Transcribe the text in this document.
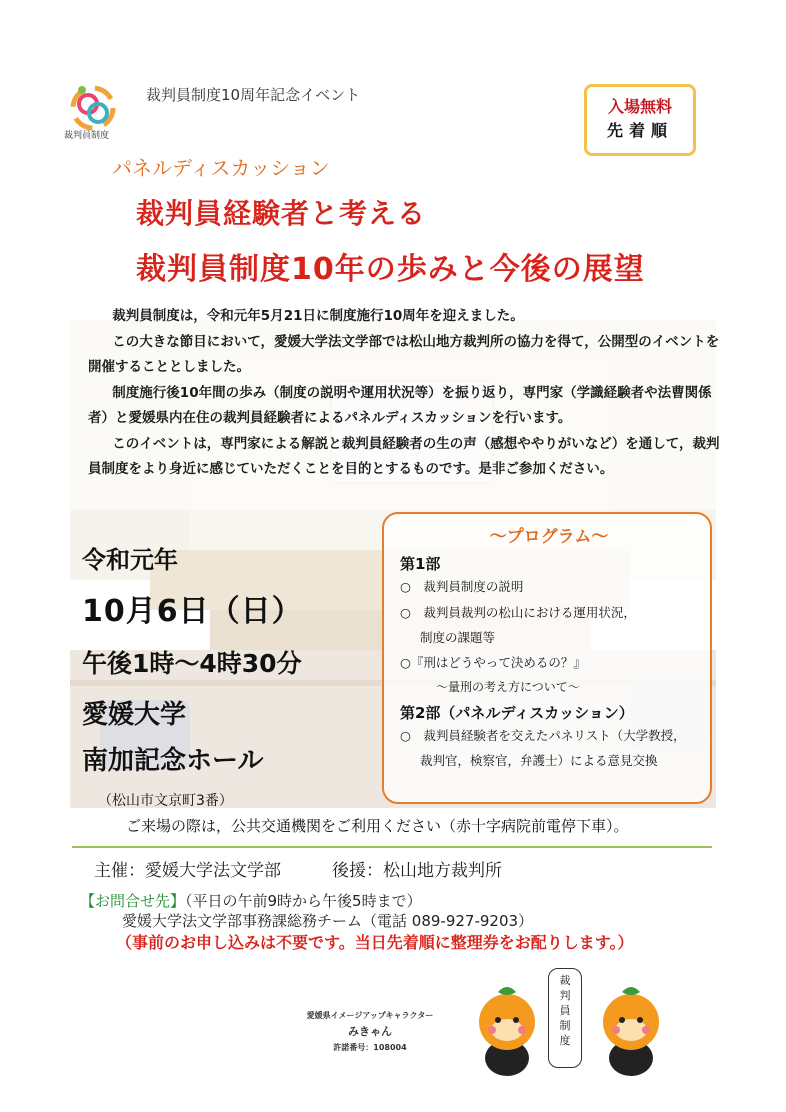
裁判員制度
裁判員制度10周年記念イベント
入場無料
先着順
パネルディスカッション
裁判員経験者と考える
裁判員制度10年の歩みと今後の展望

裁判員制度は，令和元年5月21日に制度施行10周年を迎えました。

この大きな節目において，愛媛大学法文学部では松山地方裁判所の協力を得て，公開型のイベントを開催することとしました。

制度施行後10年間の歩み（制度の説明や運用状況等）を振り返り，専門家（学識経験者や法曹関係者）と愛媛県内在住の裁判員経験者によるパネルディスカッションを行います。

このイベントは，専門家による解説と裁判員経験者の生の声（感想ややりがいなど）を通して，裁判員制度をより身近に感じていただくことを目的とするものです。是非ご参加ください。

令和元年
10月6日（日）
午後1時～4時30分
愛媛大学
南加記念ホール
（松山市文京町3番）
ご来場の際は，公共交通機関をご利用ください（赤十字病院前電停下車）。
～プログラム～
第1部
○　裁判員制度の説明
○　裁判員裁判の松山における運用状況，
制度の課題等
○『刑はどうやって決めるの？』
～量刑の考え方について～
第2部（パネルディスカッション）
○　裁判員経験者を交えたパネリスト（大学教授，
裁判官，検察官，弁護士）による意見交換
主催：愛媛大学法文学部　　　後援：松山地方裁判所
【お問合せ先】（平日の午前9時から午後5時まで）
愛媛大学法文学部事務課総務チーム（電話 089-927-9203）
（事前のお申し込みは不要です。当日先着順に整理券をお配りします。）
愛媛県イメージアップキャラクター
みきゃん
許諾番号：108004
裁
判
員
制
度
